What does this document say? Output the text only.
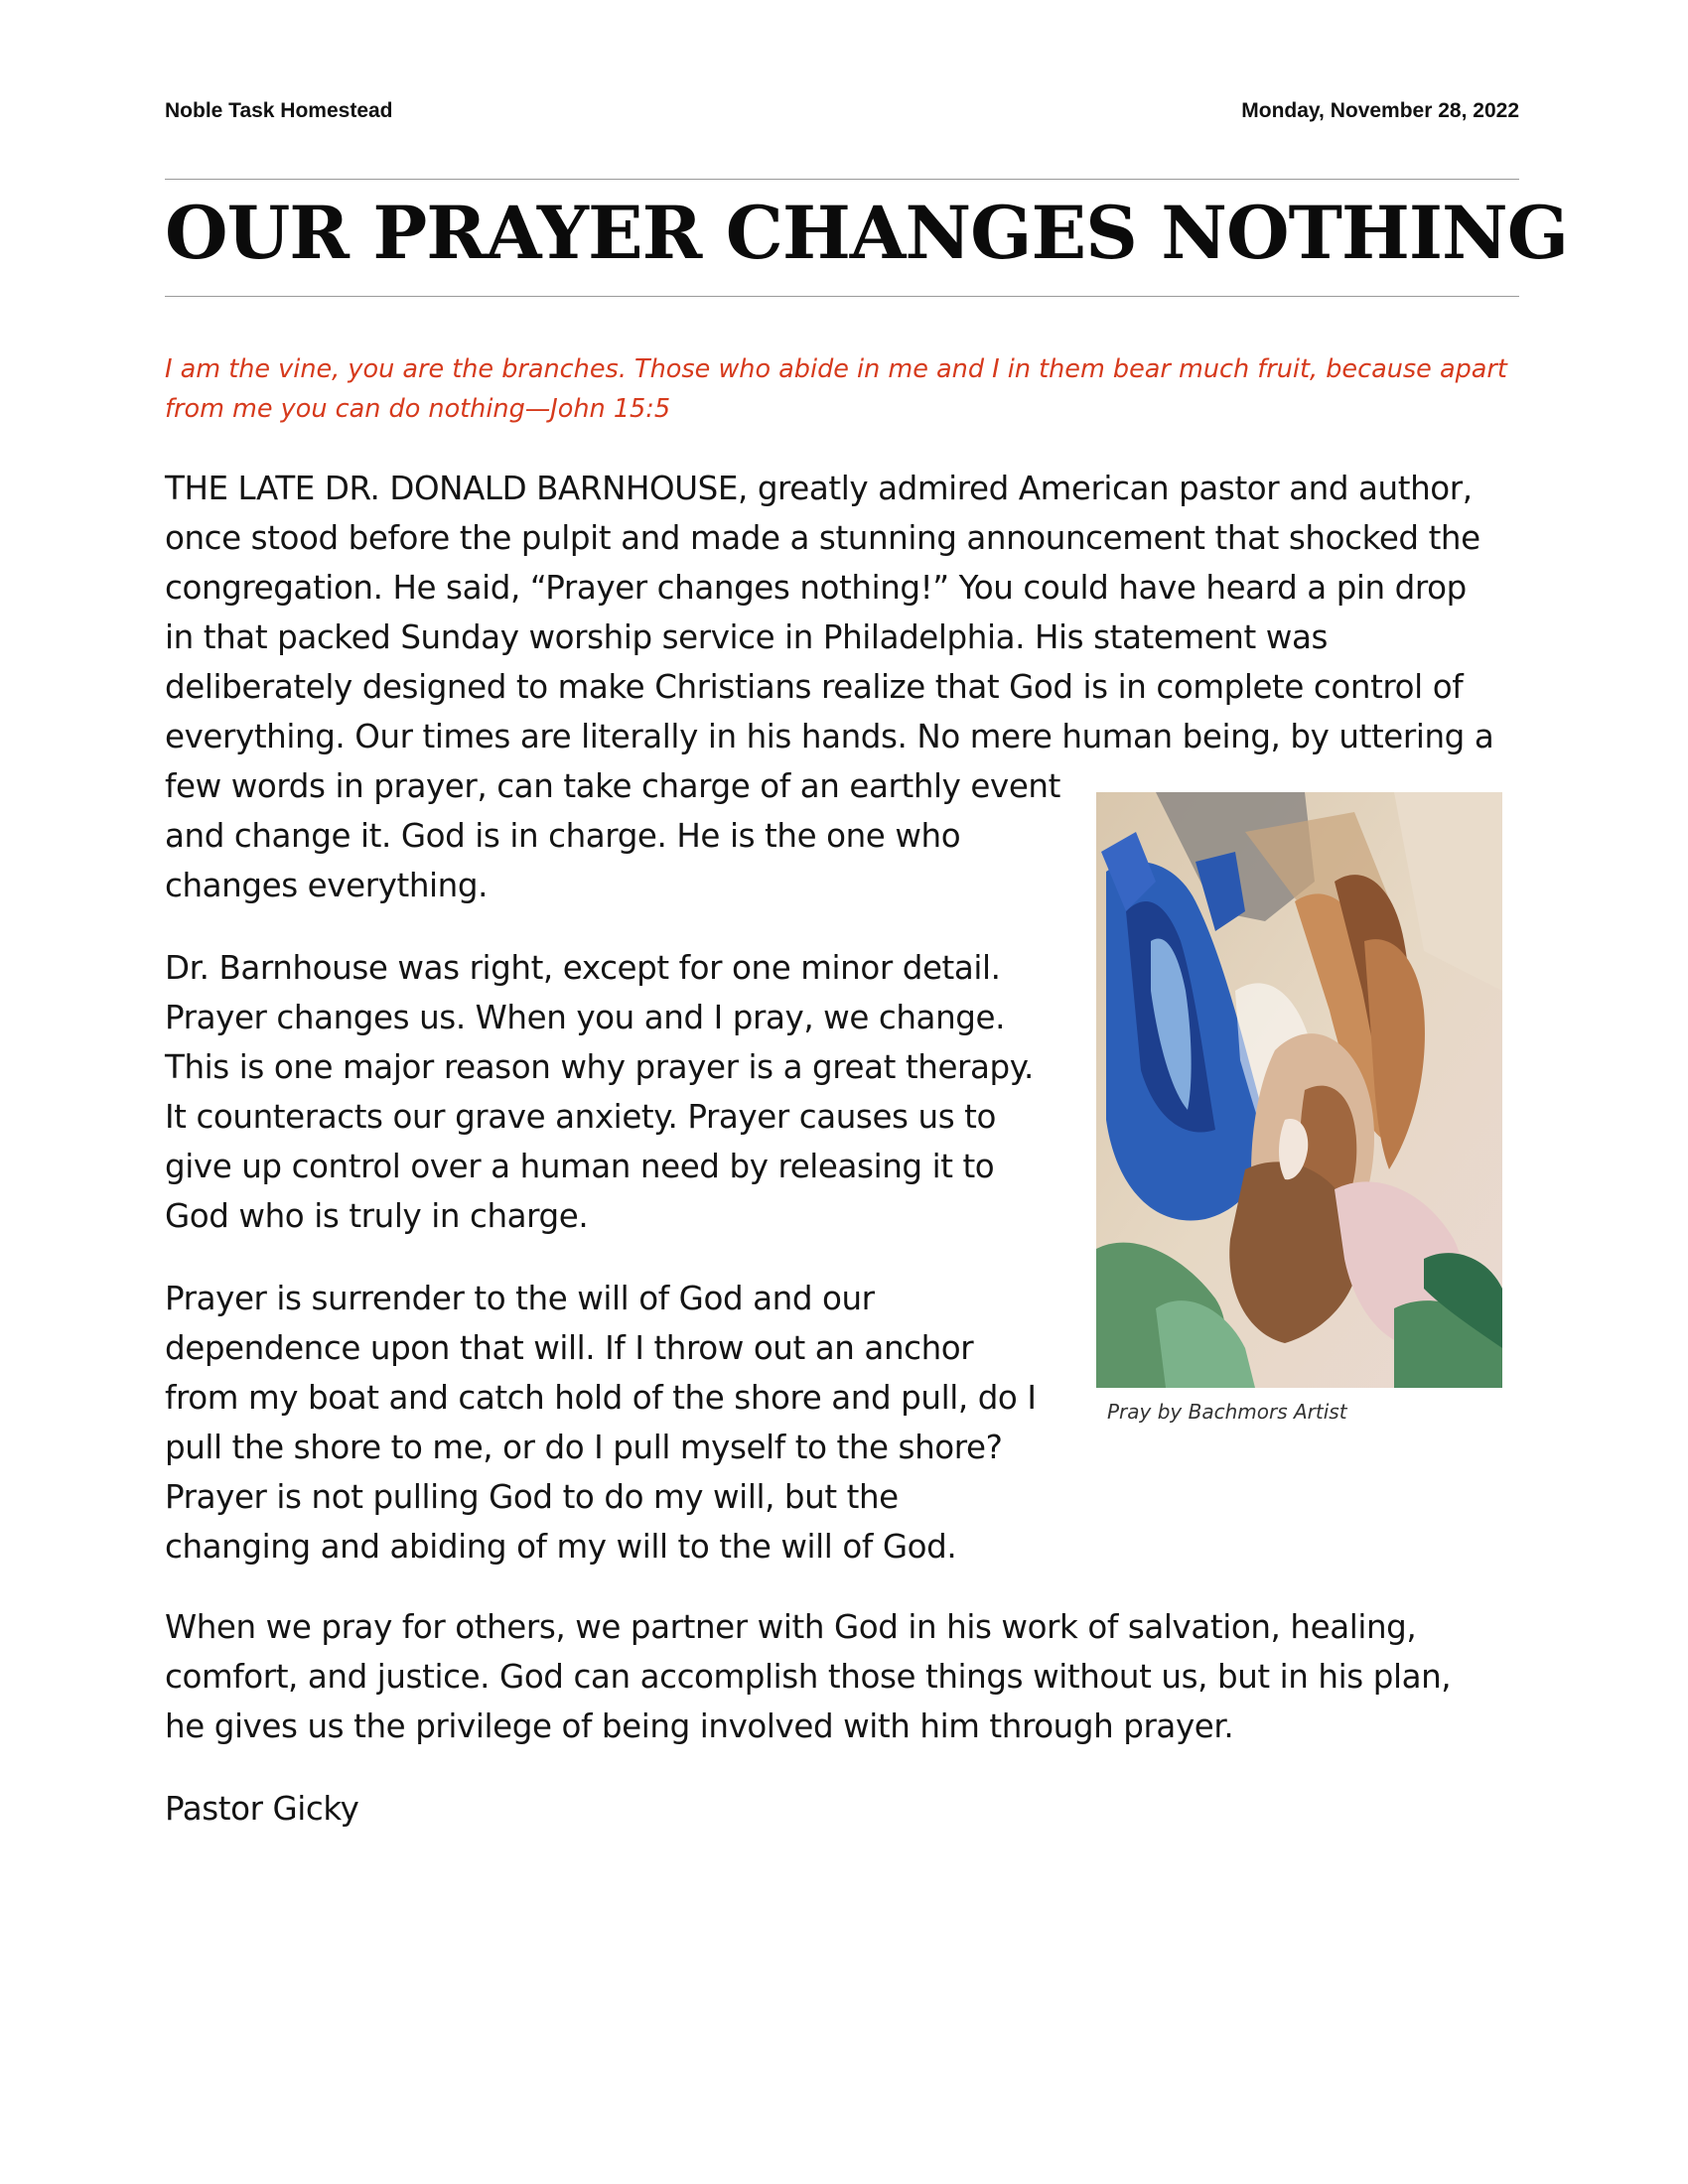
Noble Task Homestead	Monday, November 28, 2022
OUR PRAYER CHANGES NOTHING
I am the vine, you are the branches. Those who abide in me and I in them bear much fruit, because apart
from me you can do nothing—John 15:5
THE LATE DR. DONALD BARNHOUSE, greatly admired American pastor and author,
once stood before the pulpit and made a stunning announcement that shocked the
congregation. He said, “Prayer changes nothing!” You could have heard a pin drop
in that packed Sunday worship service in Philadelphia. His statement was
deliberately designed to make Christians realize that God is in complete control of
everything. Our times are literally in his hands. No mere human being, by uttering a
few words in prayer, can take charge of an earthly event
and change it. God is in charge. He is the one who
changes everything.
Dr. Barnhouse was right, except for one minor detail.
Prayer changes us. When you and I pray, we change.
This is one major reason why prayer is a great therapy.
It counteracts our grave anxiety. Prayer causes us to
give up control over a human need by releasing it to
God who is truly in charge.
Prayer is surrender to the will of God and our
dependence upon that will. If I throw out an anchor
from my boat and catch hold of the shore and pull, do I
pull the shore to me, or do I pull myself to the shore?
Prayer is not pulling God to do my will, but the
changing and abiding of my will to the will of God.
When we pray for others, we partner with God in his work of salvation, healing,
comfort, and justice. God can accomplish those things without us, but in his plan,
he gives us the privilege of being involved with him through prayer.
Pastor Gicky
Pray by Bachmors Artist
